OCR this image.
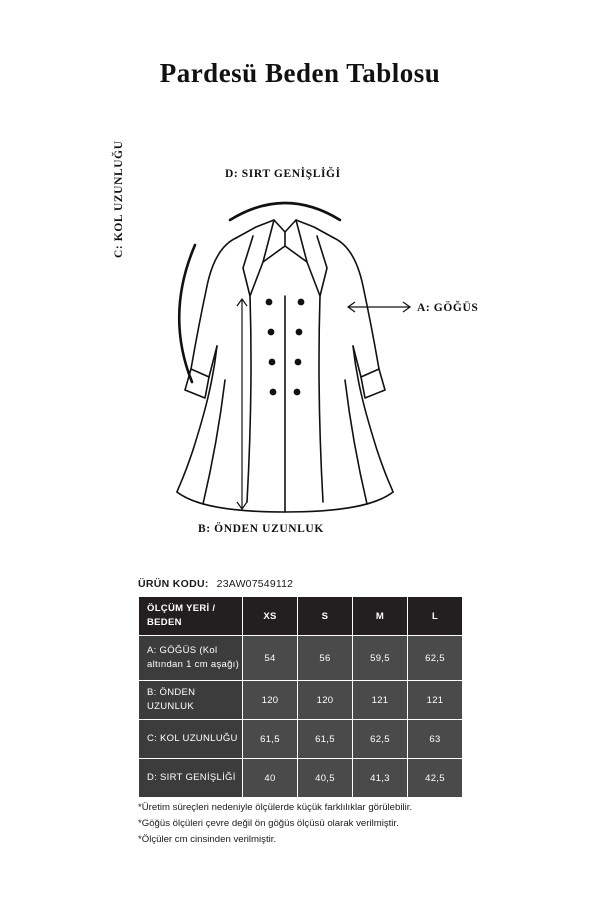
Pardesü Beden Tablosu
D: SIRT GENİŞLİĞİ
A: GÖĞÜS
B: ÖNDEN UZUNLUK
C: KOL UZUNLUĞU
ÜRÜN KODU: 23AW07549112
ÖLÇÜM YERİ / BEDEN	XS	S	M	L
A: GÖĞÜS (Kol altından 1 cm aşağı)	54	56	59,5	62,5
B: ÖNDEN UZUNLUK	120	120	121	121
C: KOL UZUNLUĞU	61,5	61,5	62,5	63
D: SIRT GENİŞLİĞİ	40	40,5	41,3	42,5
*Üretim süreçleri nedeniyle ölçülerde küçük farklılıklar görülebilir.
*Göğüs ölçüleri çevre değil ön göğüs ölçüsü olarak verilmiştir.
*Ölçüler cm cinsinden verilmiştir.
